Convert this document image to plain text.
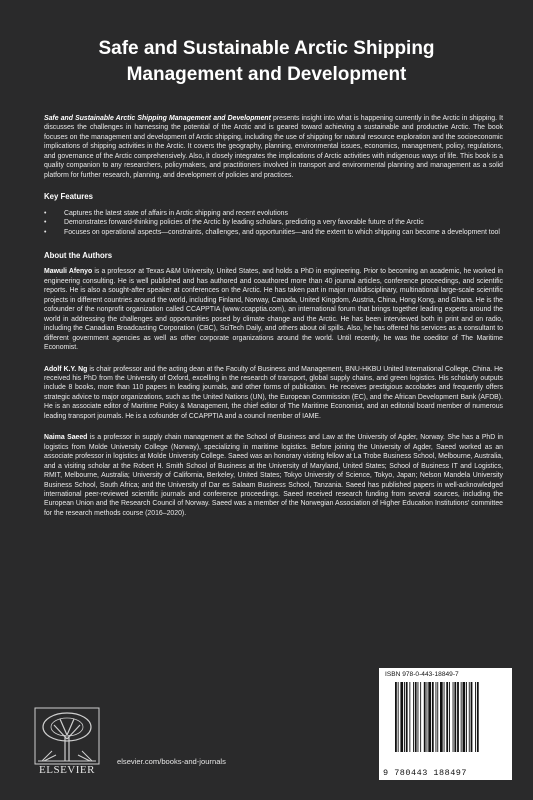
Safe and Sustainable Arctic Shipping
Management and Development

Safe and Sustainable Arctic Shipping Management and Development presents insight into what is happening currently in the Arctic in shipping. It discusses the challenges in harnessing the potential of the Arctic and is geared toward achieving a sustainable and productive Arctic. The book focuses on the management and development of Arctic shipping, including the use of shipping for natural resource exploration and the socioeconomic implications of shipping activities in the Arctic. It covers the geography, planning, environmental issues, economics, management, policy, regulations, and governance of the Arctic comprehensively. Also, it closely integrates the implications of Arctic activities with indigenous ways of life. This book is a quality companion to any researchers, policymakers, and practitioners involved in transport and environmental planning and management as a solid platform for further research, planning, and development of policies and practices.

Key Features
• Captures the latest state of affairs in Arctic shipping and recent evolutions
• Demonstrates forward-thinking policies of the Arctic by leading scholars, predicting a very favorable future of the Arctic
• Focuses on operational aspects—constraints, challenges, and opportunities—and the extent to which shipping can become a development tool
About the Authors

Mawuli Afenyo is a professor at Texas A&M University, United States, and holds a PhD in engineering. Prior to becoming an academic, he worked in engineering consulting. He is well published and has authored and coauthored more than 40 journal articles, conference proceedings, and scientific reports. He is also a sought-after speaker at conferences on the Arctic. He has taken part in major multidisciplinary, multinational large-scale scientific projects in different countries around the world, including Finland, Norway, Canada, United Kingdom, Austria, China, Hong Kong, and Ghana. He is the cofounder of the nonprofit organization called CCAPPTIA (www.ccapptia.com), an international forum that brings together leading experts around the world in addressing the challenges and opportunities posed by climate change and the Arctic. He has been interviewed both in print and on radio, including the Canadian Broadcasting Corporation (CBC), SciTech Daily, and others about oil spills. Also, he has offered his services as a consultant to different government agencies as well as other corporate organizations around the world. Until recently, he was the coeditor of The Maritime Economist.

Adolf K.Y. Ng is chair professor and the acting dean at the Faculty of Business and Management, BNU-HKBU United International College, China. He received his PhD from the University of Oxford, excelling in the research of transport, global supply chains, and green logistics. His scholarly outputs include 8 books, more than 110 papers in leading journals, and other forms of publication. He receives prestigious accolades and frequently offers strategic advice to major organizations, such as the United Nations (UN), the European Commission (EC), and the African Development Bank (AFDB). He is an associate editor of Maritime Policy & Management, the chief editor of The Maritime Economist, and an editorial board member of numerous leading transport journals. He is a cofounder of CCAPPTIA and a council member of IAME.

Naima Saeed is a professor in supply chain management at the School of Business and Law at the University of Agder, Norway. She has a PhD in logistics from Molde University College (Norway), specializing in maritime logistics. Before joining the University of Agder, Saeed worked as an associate professor in logistics at Molde University College. Saeed was an honorary visiting fellow at La Trobe Business School, Melbourne, Australia, and a visiting scholar at the Robert H. Smith School of Business at the University of Maryland, United States; School of Business IT and Logistics, RMIT, Melbourne, Australia; University of California, Berkeley, United States; Tokyo University of Science, Tokyo, Japan; Nelson Mandela University Business School, South Africa; and the University of Dar es Salaam Business School, Tanzania. Saeed has published papers in well-acknowledged international peer-reviewed scientific journals and conference proceedings. Saeed received research funding from several sources, including the European Union and the Research Council of Norway. Saeed was a member of the Norwegian Association of Higher Education Institutions' committee for the research methods course (2016–2020).

ISBN 978-0-443-18849-7
9 780443 188497
ELSEVIER
elsevier.com/books-and-journals
